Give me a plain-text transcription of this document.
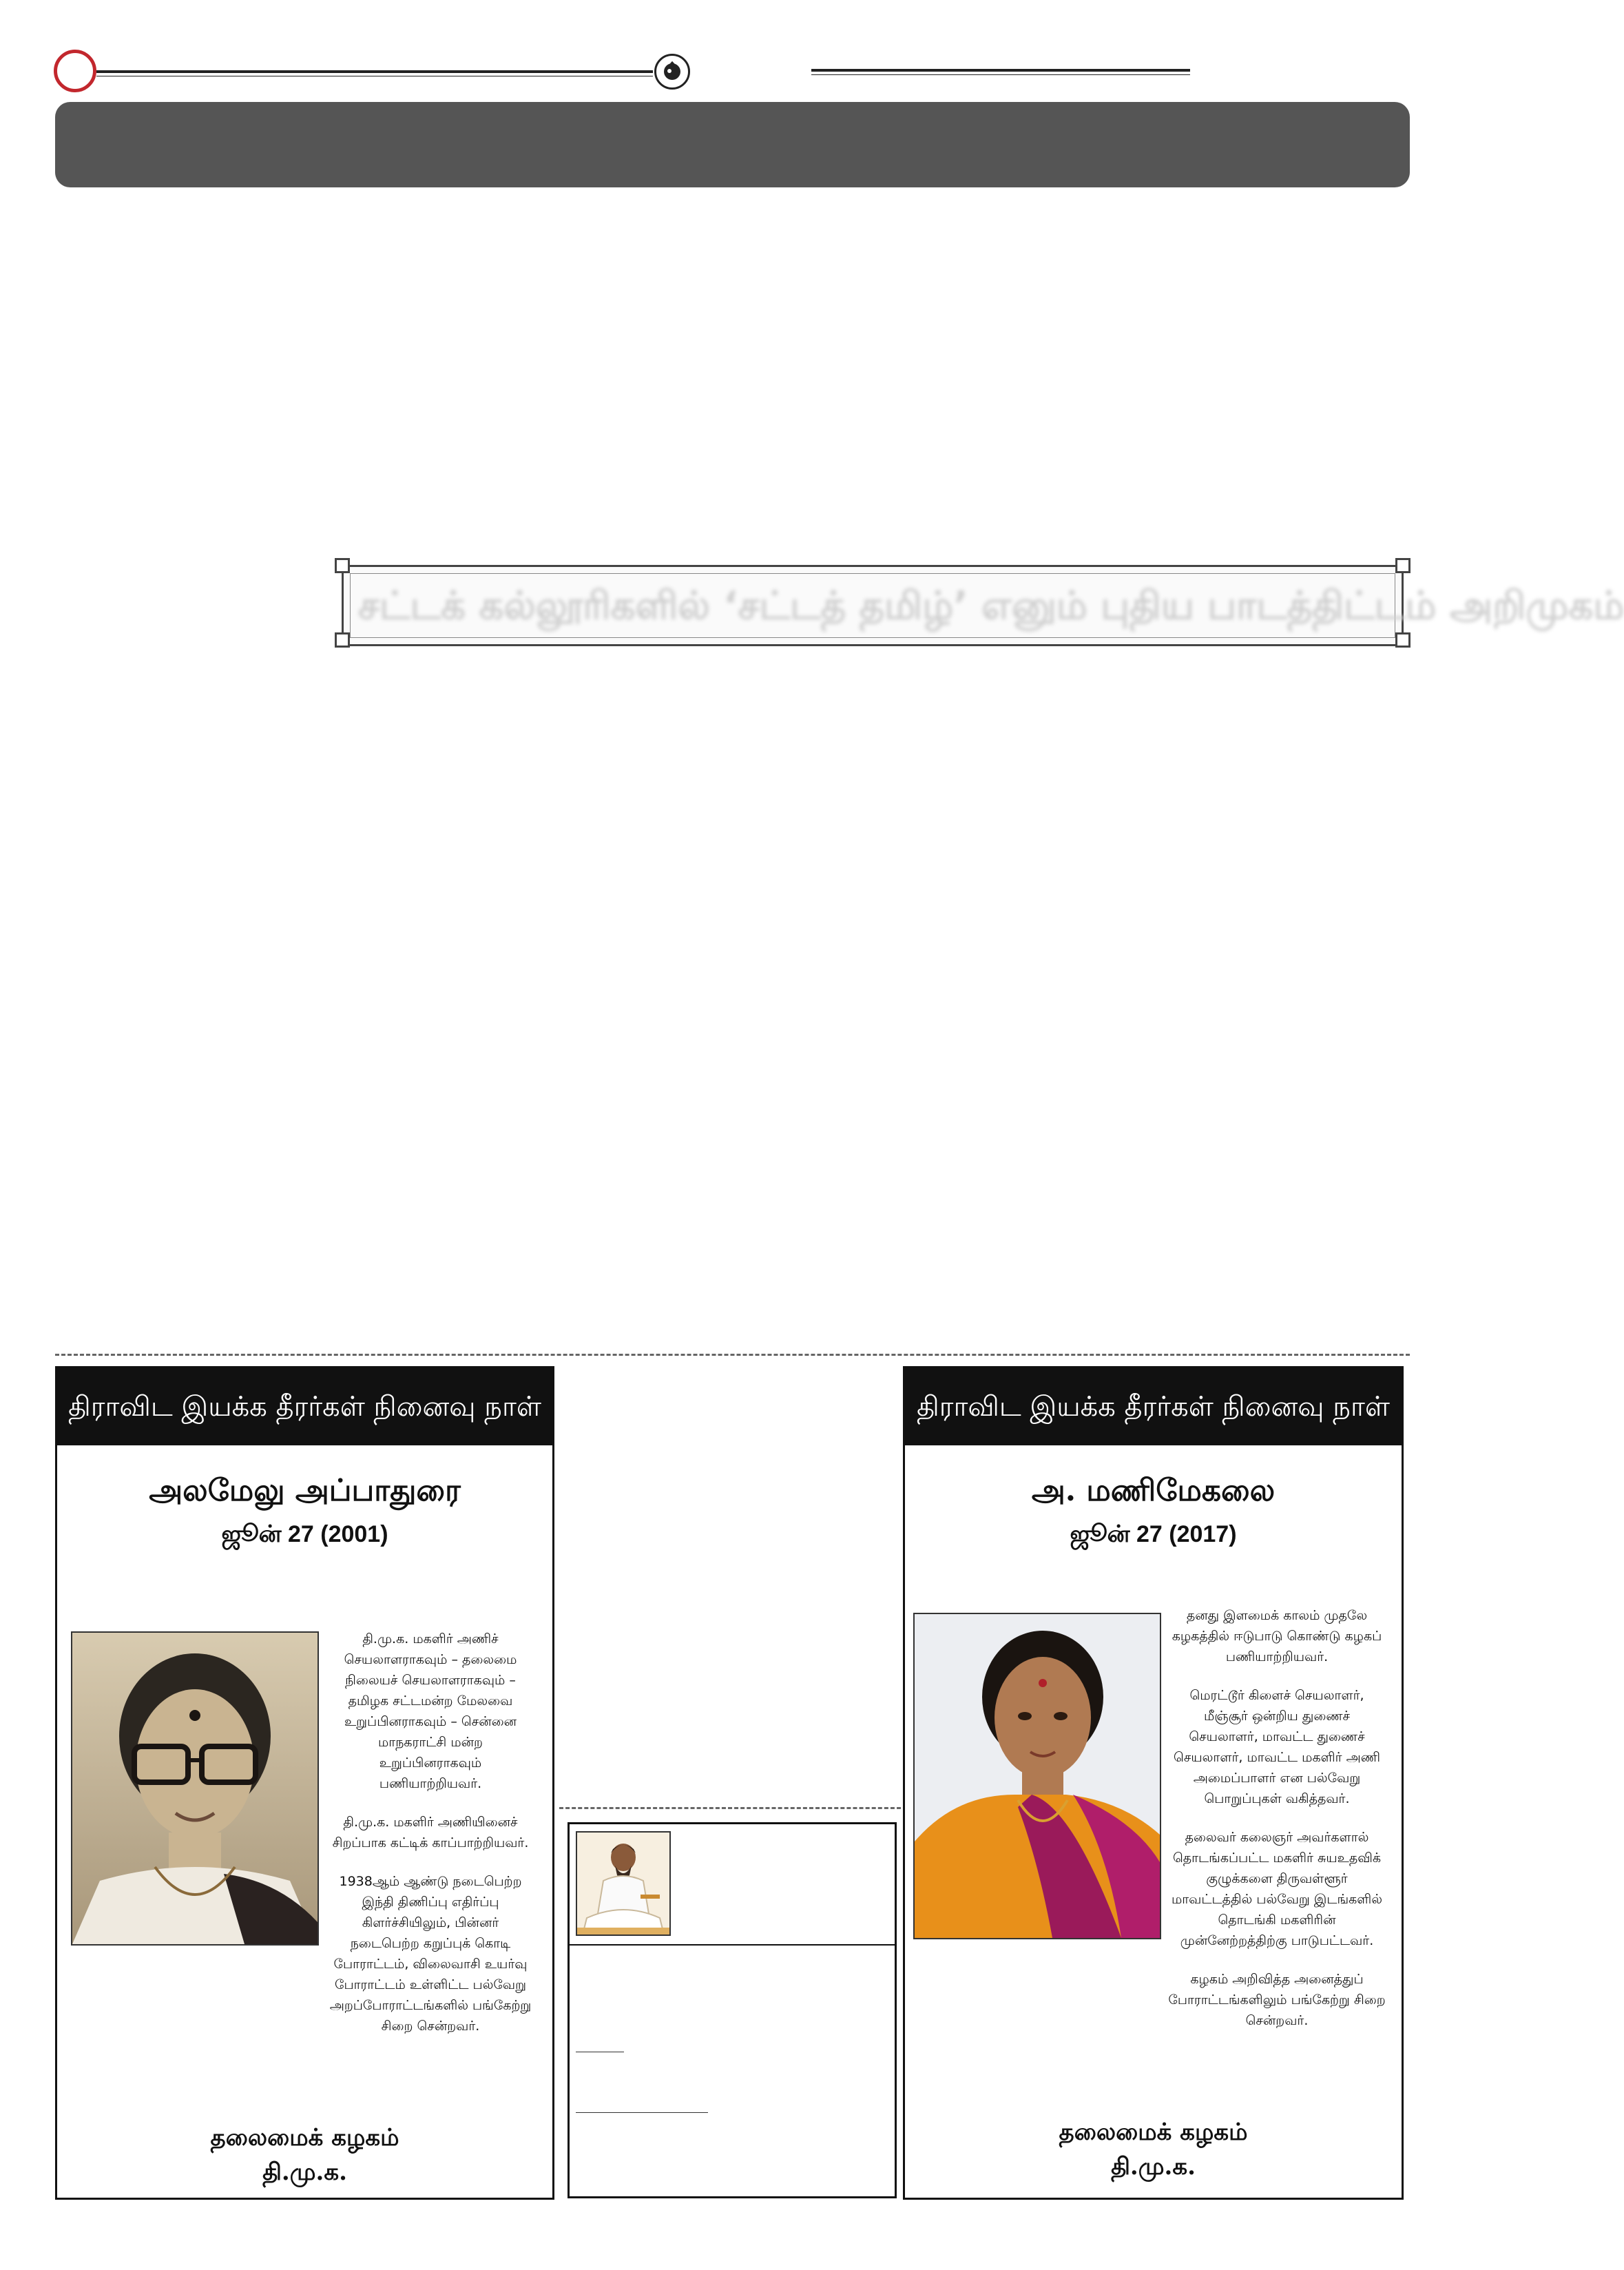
சட்டக் கல்லூரிகளில் ‘சட்டத் தமிழ்’ எனும் புதிய பாடத்திட்டம் அறிமுகம்
திராவிட இயக்க தீரர்கள் நினைவு நாள்
அலமேலு அப்பாதுரை
ஜூன் 27 (2001)

தி.மு.க. மகளிர் அணிச் செயலாளராகவும் – தலைமை நிலையச் செயலாளராகவும் – தமிழக சட்டமன்ற மேலவை உறுப்பினராகவும் – சென்னை மாநகராட்சி மன்ற உறுப்பினராகவும் பணியாற்றியவர்.

தி.மு.க. மகளிர் அணியினைச் சிறப்பாக கட்டிக் காப்பாற்றியவர்.

1938ஆம் ஆண்டு நடைபெற்ற இந்தி திணிப்பு எதிர்ப்பு கிளர்ச்சியிலும், பின்னர் நடைபெற்ற கறுப்புக் கொடி போராட்டம், விலைவாசி உயர்வு போராட்டம் உள்ளிட்ட பல்வேறு அறப்போராட்டங்களில் பங்கேற்று சிறை சென்றவர்.

தலைமைக் கழகம்
தி.மு.க.
திராவிட இயக்க தீரர்கள் நினைவு நாள்
அ. மணிமேகலை
ஜூன் 27 (2017)

தனது இளமைக் காலம் முதலே கழகத்தில் ஈடுபாடு கொண்டு கழகப் பணியாற்றியவர்.

மெரட்டூர் கிளைச் செயலாளர், மீஞ்சூர் ஒன்றிய துணைச் செயலாளர், மாவட்ட துணைச் செயலாளர், மாவட்ட மகளிர் அணி அமைப்பாளர் என பல்வேறு பொறுப்புகள் வகித்தவர்.

தலைவர் கலைஞர் அவர்களால் தொடங்கப்பட்ட மகளிர் சுயஉதவிக் குழுக்களை திருவள்ளூர் மாவட்டத்தில் பல்வேறு இடங்களில் தொடங்கி மகளிரின் முன்னேற்றத்திற்கு பாடுபட்டவர்.

கழகம் அறிவித்த அனைத்துப் போராட்டங்களிலும் பங்கேற்று சிறை சென்றவர்.

தலைமைக் கழகம்
தி.மு.க.
